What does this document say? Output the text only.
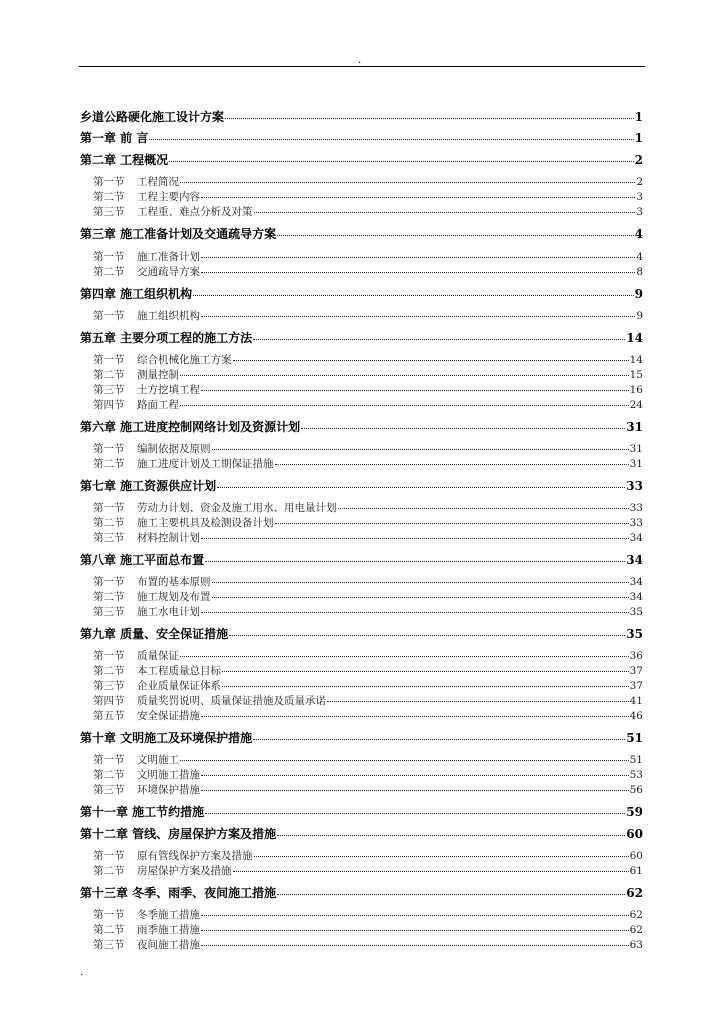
.
乡道公路硬化施工设计方案	1
第一章 前 言	1
第二章 工程概况	2
第一节	工程简况	2
第二节	工程主要内容	3
第三节	工程重、难点分析及对策	3
第三章 施工准备计划及交通疏导方案	4
第一节	施工准备计划	4
第二节	交通疏导方案	8
第四章 施工组织机构	9
第一节	施工组织机构	9
第五章 主要分项工程的施工方法	14
第一节	综合机械化施工方案	14
第二节	测量控制	15
第三节	土方挖填工程	16
第四节	路面工程	24
第六章 施工进度控制网络计划及资源计划	31
第一节	编制依据及原则	31
第二节	施工进度计划及工期保证措施	31
第七章 施工资源供应计划	33
第一节	劳动力计划、资金及施工用水、用电量计划	33
第二节	施工主要机具及检测设备计划	33
第三节	材料控制计划	34
第八章 施工平面总布置	34
第一节	布置的基本原则	34
第二节	施工规划及布置	34
第三节	施工水电计划	35
第九章 质量、安全保证措施	35
第一节	质量保证	36
第二节	本工程质量总目标	37
第三节	企业质量保证体系	37
第四节	质量奖罚说明、质量保证措施及质量承诺	41
第五节	安全保证措施	46
第十章 文明施工及环境保护措施	51
第一节	文明施工	51
第二节	文明施工措施	53
第三节	环境保护措施	56
第十一章 施工节约措施	59
第十二章 管线、房屋保护方案及措施	60
第一节	原有管线保护方案及措施	60
第二节	房屋保护方案及措施	61
第十三章 冬季、雨季、夜间施工措施	62
第一节	冬季施工措施	62
第二节	雨季施工措施	62
第三节	夜间施工措施	63
.
